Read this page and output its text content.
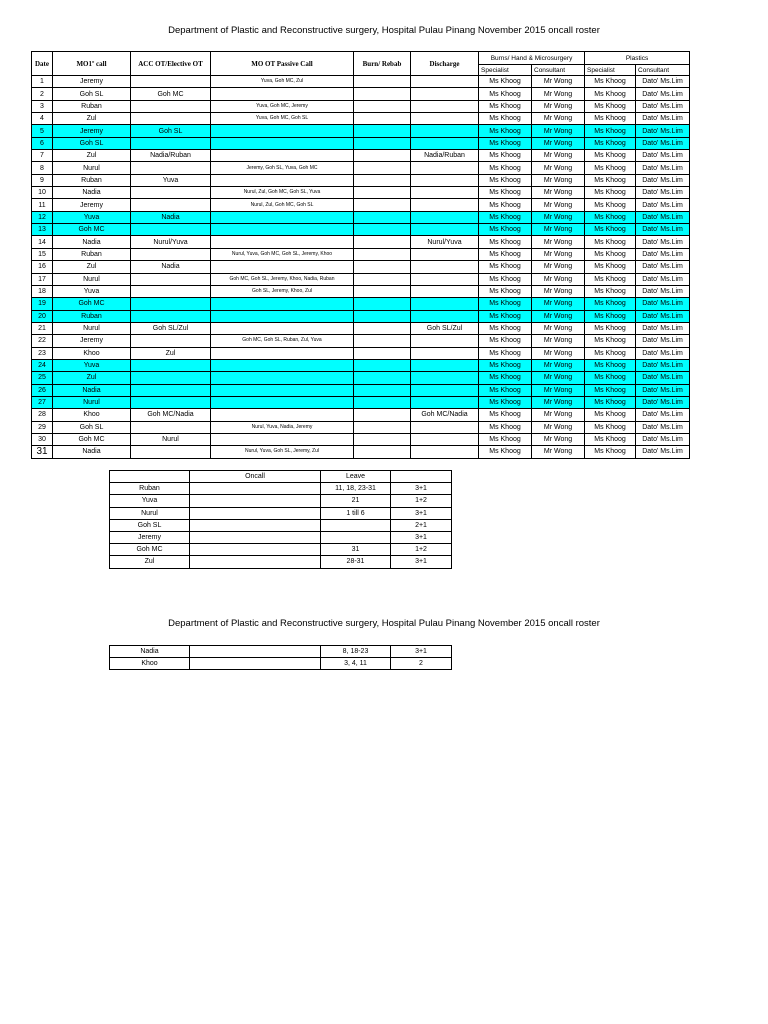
Department of Plastic and Reconstructive surgery, Hospital Pulau Pinang November 2015 oncall roster
Date	MO1º call	ACC OT/Elective OT	MO OT Passive Call	Burn/ Rebab	Discharge	Burns/ Hand & Microsurgery		Plastics	
						Specialist	Consultant	Specialist	Consultant
1	Jeremy		Yuva, Goh MC, Zul			Ms Khoog	Mr Wong	Ms Khoog	Dato' Ms.Lim
2	Goh SL	Goh MC				Ms Khoog	Mr Wong	Ms Khoog	Dato' Ms.Lim
3	Ruban		Yuva, Goh MC, Jeremy			Ms Khoog	Mr Wong	Ms Khoog	Dato' Ms.Lim
4	Zul		Yuva, Goh MC, Goh SL			Ms Khoog	Mr Wong	Ms Khoog	Dato' Ms.Lim
5	Jeremy	Goh SL				Ms Khoog	Mr Wong	Ms Khoog	Dato' Ms.Lim
6	Goh SL					Ms Khoog	Mr Wong	Ms Khoog	Dato' Ms.Lim
7	Zul	Nadia/Ruban			Nadia/Ruban	Ms Khoog	Mr Wong	Ms Khoog	Dato' Ms.Lim
8	Nurul		Jeremy, Goh SL, Yuva, Goh MC			Ms Khoog	Mr Wong	Ms Khoog	Dato' Ms.Lim
9	Ruban	Yuva				Ms Khoog	Mr Wong	Ms Khoog	Dato' Ms.Lim
10	Nadia		Nurul, Zul, Goh MC, Goh SL, Yuva			Ms Khoog	Mr Wong	Ms Khoog	Dato' Ms.Lim
11	Jeremy		Nurul, Zul, Goh MC, Goh SL			Ms Khoog	Mr Wong	Ms Khoog	Dato' Ms.Lim
12	Yuva	Nadia				Ms Khoog	Mr Wong	Ms Khoog	Dato' Ms.Lim
13	Goh MC					Ms Khoog	Mr Wong	Ms Khoog	Dato' Ms.Lim
14	Nadia	Nurul/Yuva			Nurul/Yuva	Ms Khoog	Mr Wong	Ms Khoog	Dato' Ms.Lim
15	Ruban		Nurul, Yuva, Goh MC, Goh SL, Jeremy, Khoo			Ms Khoog	Mr Wong	Ms Khoog	Dato' Ms.Lim
16	Zul	Nadia				Ms Khoog	Mr Wong	Ms Khoog	Dato' Ms.Lim
17	Nurul		Goh MC, Goh SL, Jeremy, Khoo, Nadia, Ruban			Ms Khoog	Mr Wong	Ms Khoog	Dato' Ms.Lim
18	Yuva		Goh SL, Jeremy, Khoo, Zul			Ms Khoog	Mr Wong	Ms Khoog	Dato' Ms.Lim
19	Goh MC					Ms Khoog	Mr Wong	Ms Khoog	Dato' Ms.Lim
20	Ruban					Ms Khoog	Mr Wong	Ms Khoog	Dato' Ms.Lim
21	Nurul	Goh SL/Zul			Goh SL/Zul	Ms Khoog	Mr Wong	Ms Khoog	Dato' Ms.Lim
22	Jeremy		Goh MC, Goh SL, Ruban, Zul, Yuva			Ms Khoog	Mr Wong	Ms Khoog	Dato' Ms.Lim
23	Khoo	Zul				Ms Khoog	Mr Wong	Ms Khoog	Dato' Ms.Lim
24	Yuva					Ms Khoog	Mr Wong	Ms Khoog	Dato' Ms.Lim
25	Zul					Ms Khoog	Mr Wong	Ms Khoog	Dato' Ms.Lim
26	Nadia					Ms Khoog	Mr Wong	Ms Khoog	Dato' Ms.Lim
27	Nurul					Ms Khoog	Mr Wong	Ms Khoog	Dato' Ms.Lim
28	Khoo	Goh MC/Nadia			Goh MC/Nadia	Ms Khoog	Mr Wong	Ms Khoog	Dato' Ms.Lim
29	Goh SL		Nurul, Yuva, Nadia, Jeremy			Ms Khoog	Mr Wong	Ms Khoog	Dato' Ms.Lim
30	Goh MC	Nurul				Ms Khoog	Mr Wong	Ms Khoog	Dato' Ms.Lim
31	Nadia		Nurul, Yuva, Goh SL, Jeremy, Zul			Ms Khoog	Mr Wong	Ms Khoog	Dato' Ms.Lim
	Oncall	Leave	
Ruban		11, 18, 23-31	3+1
Yuva		21	1+2
Nurul		1 till 6	3+1
Goh SL			2+1
Jeremy			3+1
Goh MC		31	1+2
Zul		28-31	3+1
Department of Plastic and Reconstructive surgery, Hospital Pulau Pinang November 2015 oncall roster
Nadia		8, 18-23	3+1
Khoo		3, 4, 11	2
